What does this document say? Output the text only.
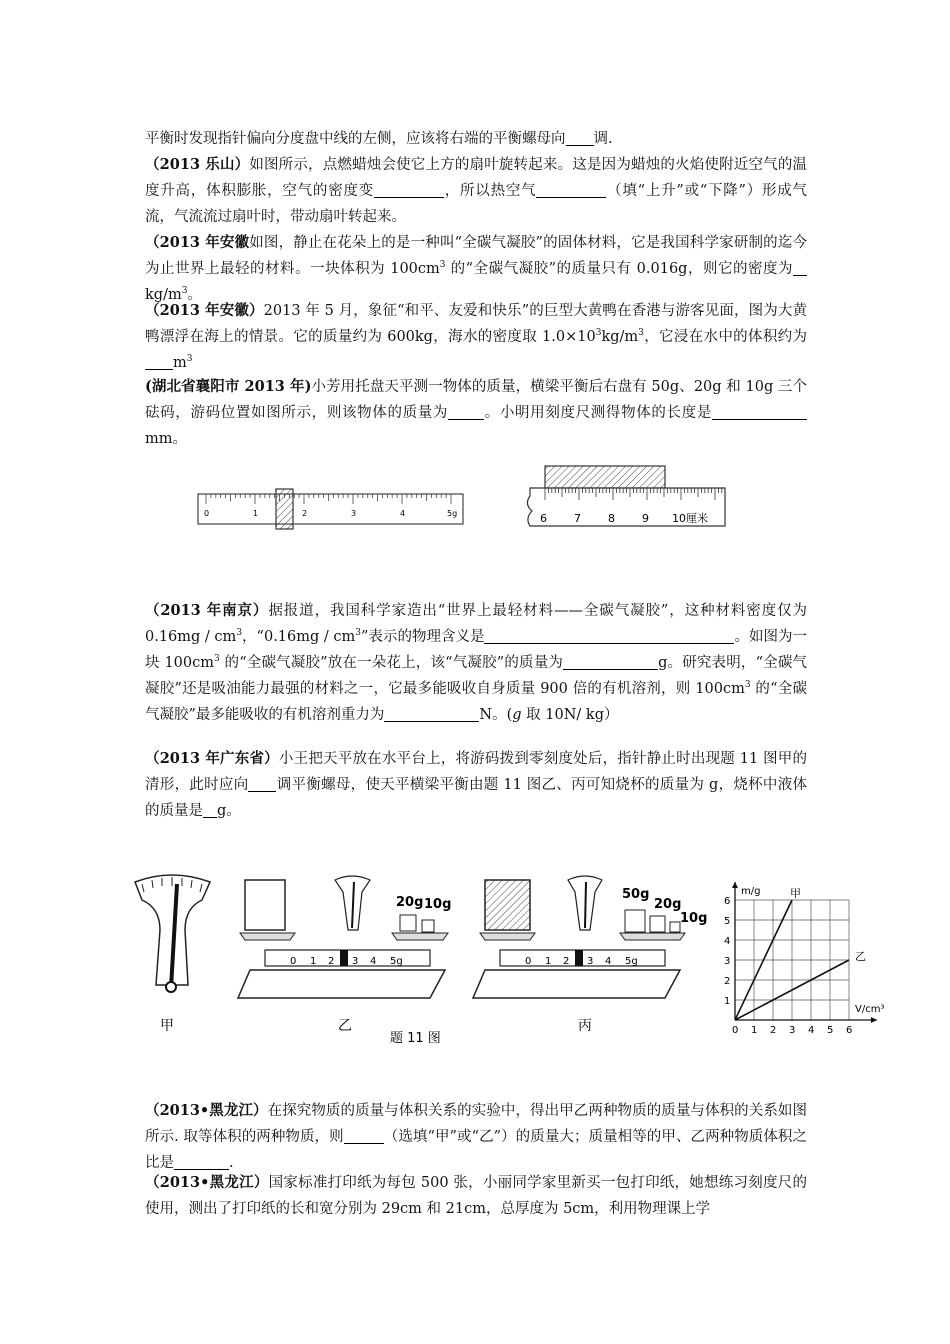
平衡时发现指针偏向分度盘中线的左侧，应该将右端的平衡螺母向 调.

（2013 乐山）如图所示，点燃蜡烛会使它上方的扇叶旋转起来。这是因为蜡烛的火焰使附近空气的温度升高，体积膨胀，空气的密度变	，所以热空气	（填“上升”或“下降”）形成气流，气流流过扇叶时，带动扇叶转起来。

（2013 年安徽如图，静止在花朵上的是一种叫“全碳气凝胶”的固体材料，它是我国科学家研制的迄今为止世界上最轻的材料。一块体积为 $100cm^3$ 的“全碳气凝胶”的质量只有 0.016g，则它的密度为$kg/m^3$。

（2013 年安徽）2013 年 5 月，象征“和平、友爱和快乐”的巨型大黄鸭在香港与游客见面，图为大黄鸭漂浮在海上的情景。它的质量约为 600kg，海水的密度取 $1.0\times 10^3kg/m^3$，它浸在水中的体积约为$m^3$

(湖北省襄阳市 2013 年)小芳用托盘天平测一物体的质量，横梁平衡后右盘有 50g、20g 和 10g 三个砝码，游码位置如图所示，则该物体的质量为 。小明用刻度尺测得物体的长度是mm。

0	1	2	3	4	5g	6 7 8 9 10厘米

（2013 年南京）据报道，我国科学家造出“世界上最轻材料——全碳气凝胶”，这种材料密度仅为 $0.16mg / cm^3$，“$0.16mg / cm^3$”表示的物理含义是	。如图为一块 $100cm^3$ 的“全碳气凝胶”放在一朵花上，该“气凝胶”的质量为	g。研究表明，“全碳气凝胶”还是吸油能力最强的材料之一，它最多能吸收自身质量 900 倍的有机溶剂，则 $100cm^3$ 的“全碳气凝胶”最多能吸收的有机溶剂重力为	N。(g 取 10N/ kg）

（2013 年广东省）小王把天平放在水平台上，将游码拨到零刻度处后，指针静止时出现题 11 图甲的清形，此时应向 调平衡螺母，使天平横梁平衡由题 11 图乙、丙可知烧杯的质量为 g，烧杯中液体的质量是 g。

甲
20g 10g
0 1 2 3 4 5g
乙
50g
20g
10g
0 1 2 3 4 5g
丙
题 11 图
0 1 2 3 4 5 6
1
2
3
4
5
6
m/g
V/cm³
甲
乙

（2013•黑龙江）在探究物质的质量与体积关系的实验中，得出甲乙两种物质的质量与体积的关系如图所示. 取等体积的两种物质，则	（选填“甲”或“乙”）的质量大；质量相等的甲、乙两种物质体积之比是	.

（2013•黑龙江）国家标准打印纸为每包 500 张，小丽同学家里新买一包打印纸，她想练习刻度尺的使用，测出了打印纸的长和宽分别为 29cm 和 21cm，总厚度为 5cm，利用物理课上学
